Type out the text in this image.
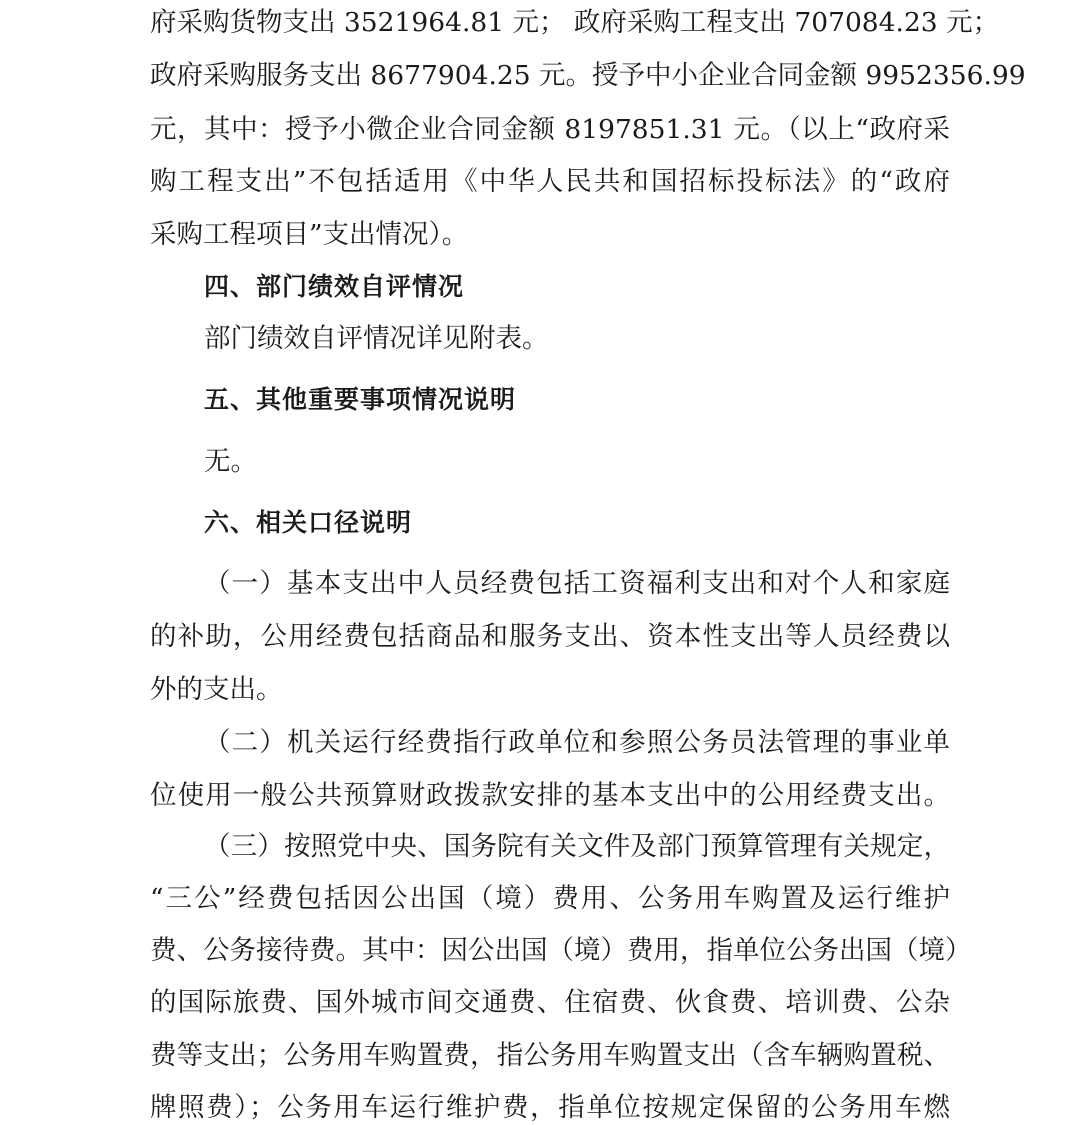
府采购货物支出 3521964.81 元； 政府采购工程支出 707084.23 元；
政府采购服务支出 8677904.25 元。授予中小企业合同金额 9952356.99
元，其中：授予小微企业合同金额 8197851.31 元。（以上“政府采
购工程支出”不包括适用《中华人民共和国招标投标法》的“政府
采购工程项目”支出情况）。
四、部门绩效自评情况
部门绩效自评情况详见附表。
五、其他重要事项情况说明
无。
六、相关口径说明
（一）基本支出中人员经费包括工资福利支出和对个人和家庭
的补助，公用经费包括商品和服务支出、资本性支出等人员经费以
外的支出。
（二）机关运行经费指行政单位和参照公务员法管理的事业单
位使用一般公共预算财政拨款安排的基本支出中的公用经费支出。
（三）按照党中央、国务院有关文件及部门预算管理有关规定，
“三公”经费包括因公出国（境）费用、公务用车购置及运行维护
费、公务接待费。其中：因公出国（境）费用，指单位公务出国（境）
的国际旅费、国外城市间交通费、住宿费、伙食费、培训费、公杂
费等支出；公务用车购置费，指公务用车购置支出（含车辆购置税、
牌照费）；公务用车运行维护费，指单位按规定保留的公务用车燃
